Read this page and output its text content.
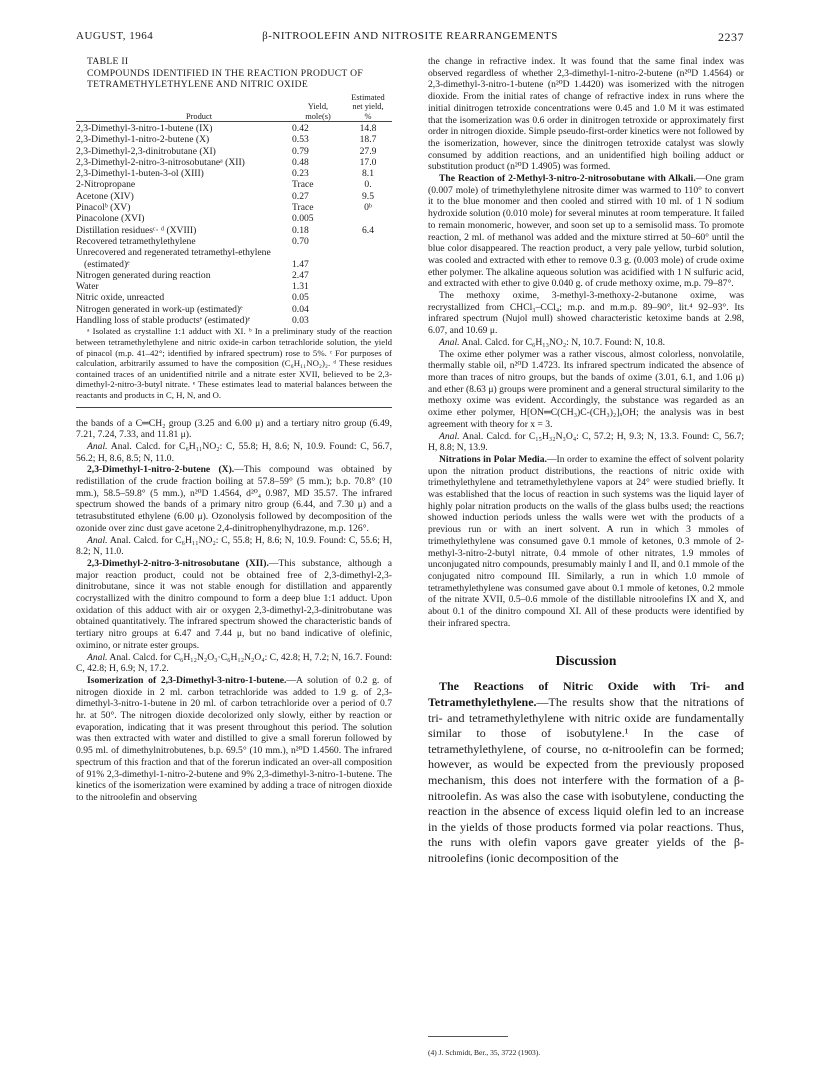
AUGUST, 1964	β-NITROOLEFIN AND NITROSITE REARRANGEMENTS	2237

TABLE II

COMPOUNDS IDENTIFIED IN THE REACTION PRODUCT OF

TETRAMETHYLETHYLENE AND NITRIC OXIDE

		Estimated
	Yield,	net yield,
Product	mole(s)	%
2,3-Dimethyl-3-nitro-1-butene (IX)	0.42	14.8
2,3-Dimethyl-1-nitro-2-butene (X)	0.53	18.7
2,3-Dimethyl-2,3-dinitrobutane (XI)	0.79	27.9
2,3-Dimethyl-2-nitro-3-nitrosobutaneᵃ (XII)	0.48	17.0
2,3-Dimethyl-1-buten-3-ol (XIII)	0.23	8.1
2-Nitropropane	Trace	0.
Acetone (XIV)	0.27	9.5
Pinacolᵇ (XV)	Trace	0ᵇ
Pinacolone (XVI)	0.005	
Distillation residuesᶜ· ᵈ (XVIII)	0.18	6.4
Recovered tetramethylethylene	0.70	
Unrecovered and regenerated tetramethyl-ethylene (estimated)ᵉ	1.47	
Nitrogen generated during reaction	2.47	
Water	1.31	
Nitric oxide, unreacted	0.05	
Nitrogen generated in work-up (estimated)ᵉ	0.04	
Handling loss of stable productsᵉ (estimated)ᵉ	0.03	

ᵃ Isolated as crystalline 1:1 adduct with XI. ᵇ In a preliminary study of the reaction between tetramethylethylene and nitric oxide-in carbon tetrachloride solution, the yield of pinacol (m.p. 41–42°; identified by infrared spectrum) rose to 5%. ᶜ For purposes of calculation, arbitrarily assumed to have the composition (C₆H₁₁NO₂)₂. ᵈ These residues contained traces of an unidentified nitrile and a nitrate ester XVII, believed to be 2,3-dimethyl-2-nitro-3-butyl nitrate. ᵉ These estimates lead to material balances between the reactants and products in C, H, N, and O.

the bands of a C═CH₂ group (3.25 and 6.00 μ) and a tertiary nitro group (6.49, 7.21, 7.24, 7.33, and 11.81 μ).

Anal. Anal. Calcd. for C₆H₁₁NO₂: C, 55.8; H, 8.6; N, 10.9. Found: C, 56.7, 56.2; H, 8.6, 8.5; N, 11.0.

2,3-Dimethyl-1-nitro-2-butene (X).—This compound was obtained by redistillation of the crude fraction boiling at 57.8–59° (5 mm.); b.p. 70.8° (10 mm.), 58.5–59.8° (5 mm.), n²⁰D 1.4564, d²⁰₄ 0.987, MD 35.57. The infrared spectrum showed the bands of a primary nitro group (6.44, and 7.30 μ) and a tetrasubstituted ethylene (6.00 μ). Ozonolysis followed by decomposition of the ozonide over zinc dust gave acetone 2,4-dinitrophenylhydrazone, m.p. 126°.

Anal. Anal. Calcd. for C₆H₁₁NO₂: C, 55.8; H, 8.6; N, 10.9. Found: C, 55.6; H, 8.2; N, 11.0.

2,3-Dimethyl-2-nitro-3-nitrosobutane (XII).—This substance, although a major reaction product, could not be obtained free of 2,3-dimethyl-2,3-dinitrobutane, since it was not stable enough for distillation and apparently cocrystallized with the dinitro compound to form a deep blue 1:1 adduct. Upon oxidation of this adduct with air or oxygen 2,3-dimethyl-2,3-dinitrobutane was obtained quantitatively. The infrared spectrum showed the characteristic bands of tertiary nitro groups at 6.47 and 7.44 μ, but no band indicative of olefinic, oximino, or nitrate ester groups.

Anal. Anal. Calcd. for C₆H₁₂N₂O₃·C₆H₁₂N₂O₄: C, 42.8; H, 7.2; N, 16.7. Found: C, 42.8; H, 6.9; N, 17.2.

Isomerization of 2,3-Dimethyl-3-nitro-1-butene.—A solution of 0.2 g. of nitrogen dioxide in 2 ml. carbon tetrachloride was added to 1.9 g. of 2,3-dimethyl-3-nitro-1-butene in 20 ml. of carbon tetrachloride over a period of 0.7 hr. at 50°. The nitrogen dioxide decolorized only slowly, either by reaction or evaporation, indicating that it was present throughout this period. The solution was then extracted with water and distilled to give a small forerun followed by 0.95 ml. of dimethylnitrobutenes, b.p. 69.5° (10 mm.), n²⁰D 1.4560. The infrared spectrum of this fraction and that of the forerun indicated an over-all composition of 91% 2,3-dimethyl-1-nitro-2-butene and 9% 2,3-dimethyl-3-nitro-1-butene. The kinetics of the isomerization were examined by adding a trace of nitrogen dioxide to the nitroolefin and observing

the change in refractive index. It was found that the same final index was observed regardless of whether 2,3-dimethyl-1-nitro-2-butene (n²⁰D 1.4564) or 2,3-dimethyl-3-nitro-1-butene (n²⁰D 1.4420) was isomerized with the nitrogen dioxide. From the initial rates of change of refractive index in runs where the initial dinitrogen tetroxide concentrations were 0.45 and 1.0 M it was estimated that the isomerization was 0.6 order in dinitrogen tetroxide or approximately first order in nitrogen dioxide. Simple pseudo-first-order kinetics were not followed by the isomerization, however, since the dinitrogen tetroxide catalyst was slowly consumed by addition reactions, and an unidentified high boiling adduct or substitution product (n²⁰D 1.4905) was formed.

The Reaction of 2-Methyl-3-nitro-2-nitrosobutane with Alkali.—One gram (0.007 mole) of trimethylethylene nitrosite dimer was warmed to 110° to convert it to the blue monomer and then cooled and stirred with 10 ml. of 1 N sodium hydroxide solution (0.010 mole) for several minutes at room temperature. It failed to remain monomeric, however, and soon set up to a semisolid mass. To promote reaction, 2 ml. of methanol was added and the mixture stirred at 50–60° until the blue color disappeared. The reaction product, a very pale yellow, turbid solution, was cooled and extracted with ether to remove 0.3 g. (0.003 mole) of crude oxime ether polymer. The alkaline aqueous solution was acidified with 1 N sulfuric acid, and extracted with ether to give 0.040 g. of crude methoxy oxime, m.p. 79–87°.

The methoxy oxime, 3-methyl-3-methoxy-2-butanone oxime, was recrystallized from CHCl₃–CCl₄; m.p. and m.m.p. 89–90°, lit.⁴ 92–93°. Its infrared spectrum (Nujol mull) showed characteristic ketoxime bands at 2.98, 6.07, and 10.69 μ.

Anal. Anal. Calcd. for C₆H₁₃NO₂: N, 10.7. Found: N, 10.8.

The oxime ether polymer was a rather viscous, almost colorless, nonvolatile, thermally stable oil, n²⁰D 1.4723. Its infrared spectrum indicated the absence of more than traces of nitro groups, but the bands of oxime (3.01, 6.1, and 1.06 μ) and ether (8.63 μ) groups were prominent and a general structural similarity to the methoxy oxime was evident. Accordingly, the substance was regarded as an oxime ether polymer, H[ON═C(CH₃)C-(CH₃)₂]ₓOH; the analysis was in best agreement with theory for x = 3.

Anal. Anal. Calcd. for C₁₅H₃₂N₃O₄: C, 57.2; H, 9.3; N, 13.3. Found: C, 56.7; H, 8.8; N, 13.9.

Nitrations in Polar Media.—In order to examine the effect of solvent polarity upon the nitration product distributions, the reactions of nitric oxide with trimethylethylene and tetramethylethylene vapors at 24° were studied briefly. It was established that the locus of reaction in such systems was the liquid layer of highly polar nitration products on the walls of the glass bulbs used; the reactions showed induction periods unless the walls were wet with the products of a previous run or with an inert solvent. A run in which 3 mmoles of trimethylethylene was consumed gave 0.1 mmole of ketones, 0.3 mmole of 2-methyl-3-nitro-2-butyl nitrate, 0.4 mmole of other nitrates, 1.9 mmoles of unconjugated nitro compounds, presumably mainly I and II, and 0.1 mmole of the conjugated nitro compound III. Similarly, a run in which 1.0 mmole of tetramethylethylene was consumed gave about 0.1 mmole of ketones, 0.2 mmole of the nitrate XVII, 0.5–0.6 mmole of the distillable nitroolefins IX and X, and about 0.1 of the dinitro compound XI. All of these products were identified by their infrared spectra.

Discussion

The Reactions of Nitric Oxide with Tri- and Tetramethylethylene.—The results show that the nitrations of tri- and tetramethylethylene with nitric oxide are fundamentally similar to those of isobutylene.¹ In the case of tetramethylethylene, of course, no α-nitroolefin can be formed; however, as would be expected from the previously proposed mechanism, this does not interfere with the formation of a β-nitroolefin. As was also the case with isobutylene, conducting the reaction in the absence of excess liquid olefin led to an increase in the yields of those products formed via polar reactions. Thus, the runs with olefin vapors gave greater yields of the β-nitroolefins (ionic decomposition of the

(4) J. Schmidt, Ber., 35, 3722 (1903).
